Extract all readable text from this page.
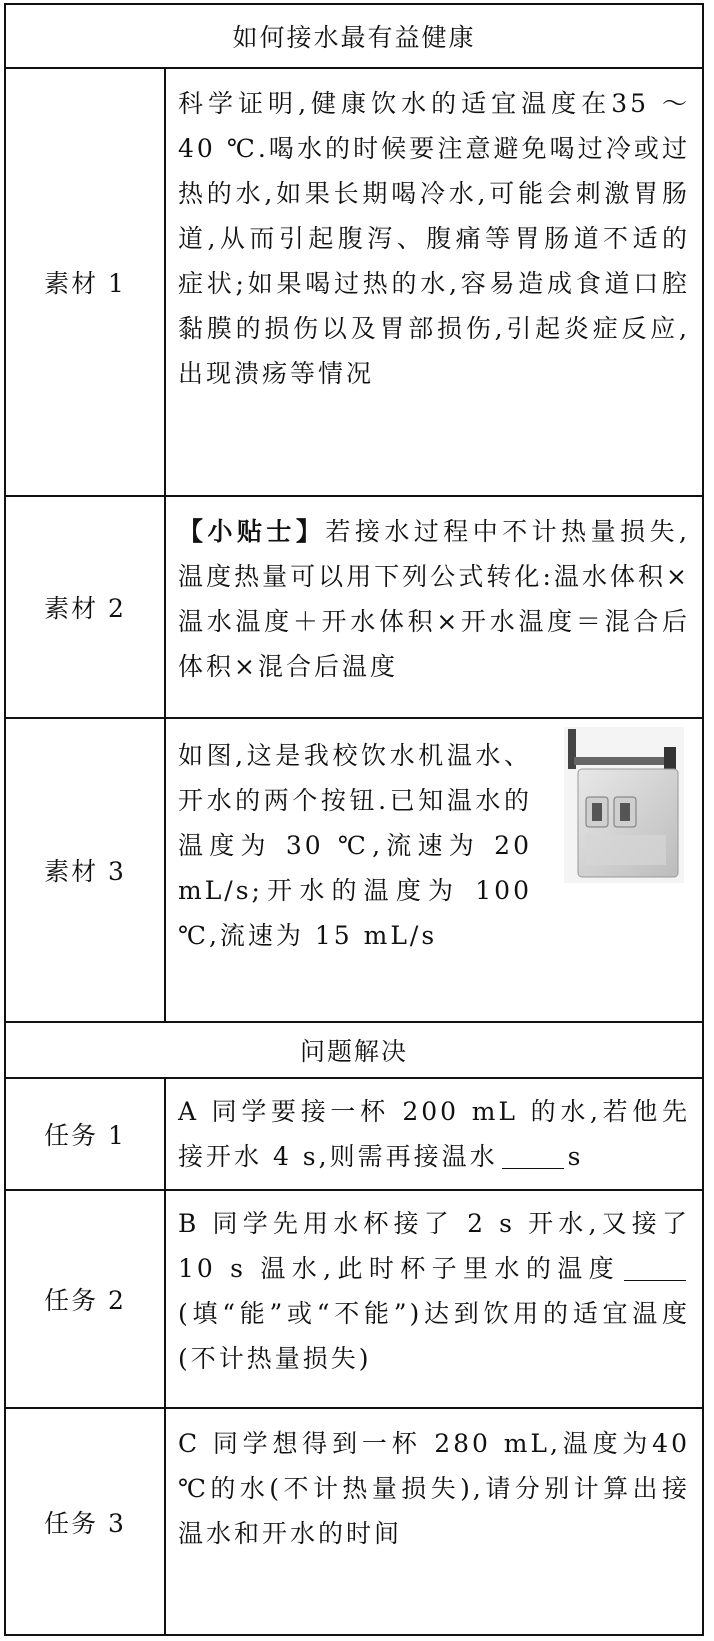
如何接水最有益健康
素材 1

科学证明,健康饮水的适宜温度在35 ～40 ℃.喝水的时候要注意避免喝过冷或过热的水,如果长期喝冷水,可能会刺激胃肠道,从而引起腹泻、腹痛等胃肠道不适的症状;如果喝过热的水,容易造成食道口腔黏膜的损伤以及胃部损伤,引起炎症反应,出现溃疡等情况

素材 2

【小贴士】若接水过程中不计热量损失,温度热量可以用下列公式转化:温水体积×温水温度＋开水体积×开水温度＝混合后体积×混合后温度

素材 3

如图,这是我校饮水机温水、开水的两个按钮.已知温水的温度为 30 ℃,流速为 20 mL/s;开水的温度为 100 ℃,流速为 15 mL/s

问题解决
任务 1

A 同学要接一杯 200 mL 的水,若他先接开水 4 s,则需再接温水	s

任务 2

B 同学先用水杯接了 2 s 开水,又接了 10 s 温水,此时杯子里水的温度(填“能”或“不能”)达到饮用的适宜温度(不计热量损失)

任务 3

C 同学想得到一杯 280 mL,温度为40 ℃的水(不计热量损失),请分别计算出接温水和开水的时间
